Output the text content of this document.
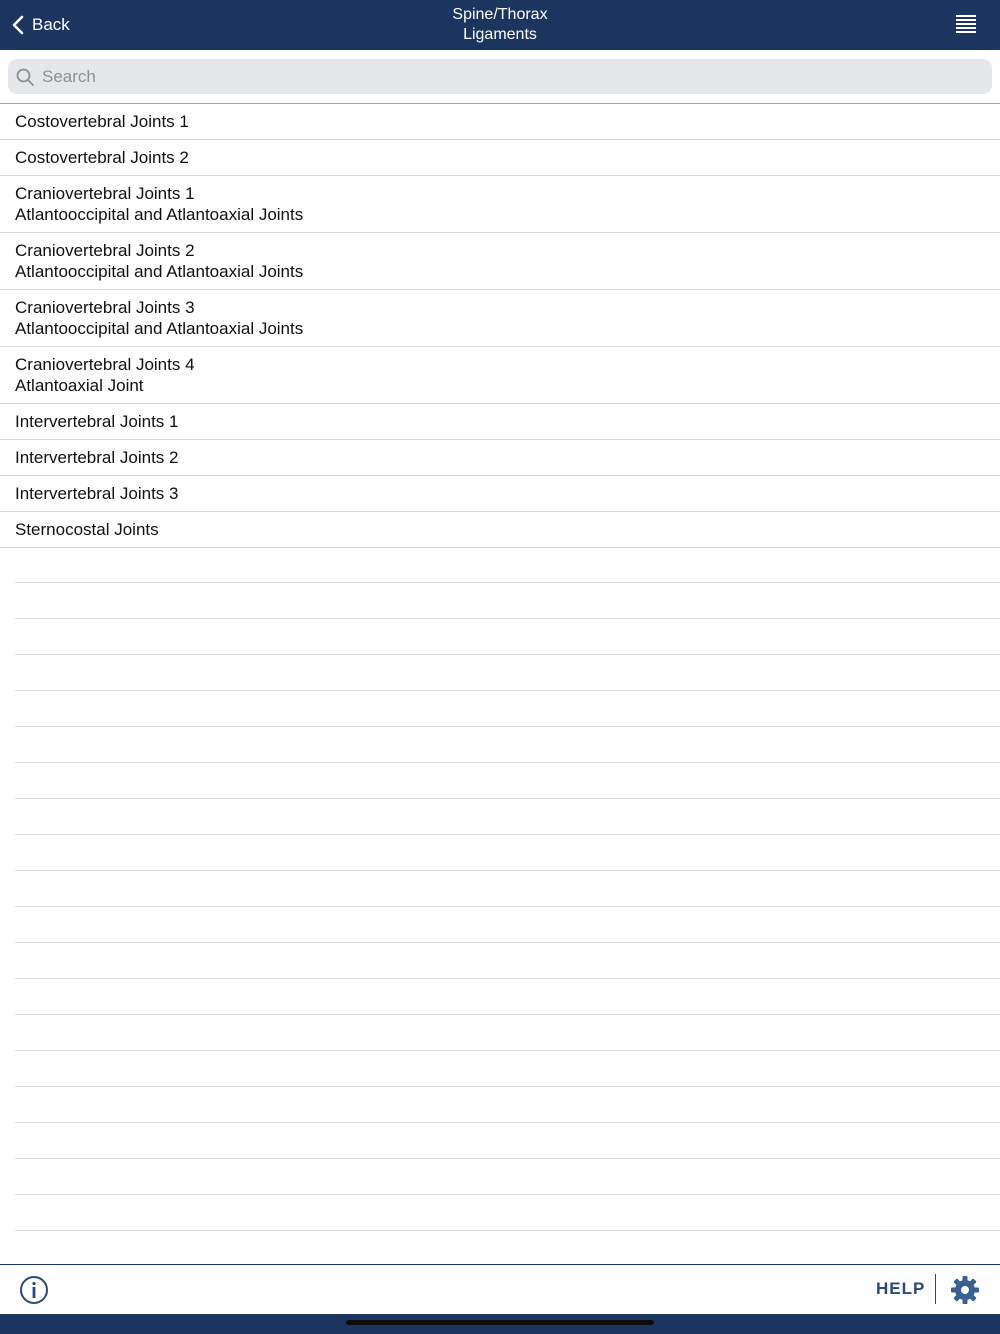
Back
Spine/Thorax
Ligaments
Search
Costovertebral Joints 1
Costovertebral Joints 2
Craniovertebral Joints 1
Atlantooccipital and Atlantoaxial Joints
Craniovertebral Joints 2
Atlantooccipital and Atlantoaxial Joints
Craniovertebral Joints 3
Atlantooccipital and Atlantoaxial Joints
Craniovertebral Joints 4
Atlantoaxial Joint
Intervertebral Joints 1
Intervertebral Joints 2
Intervertebral Joints 3
Sternocostal Joints
HELP
